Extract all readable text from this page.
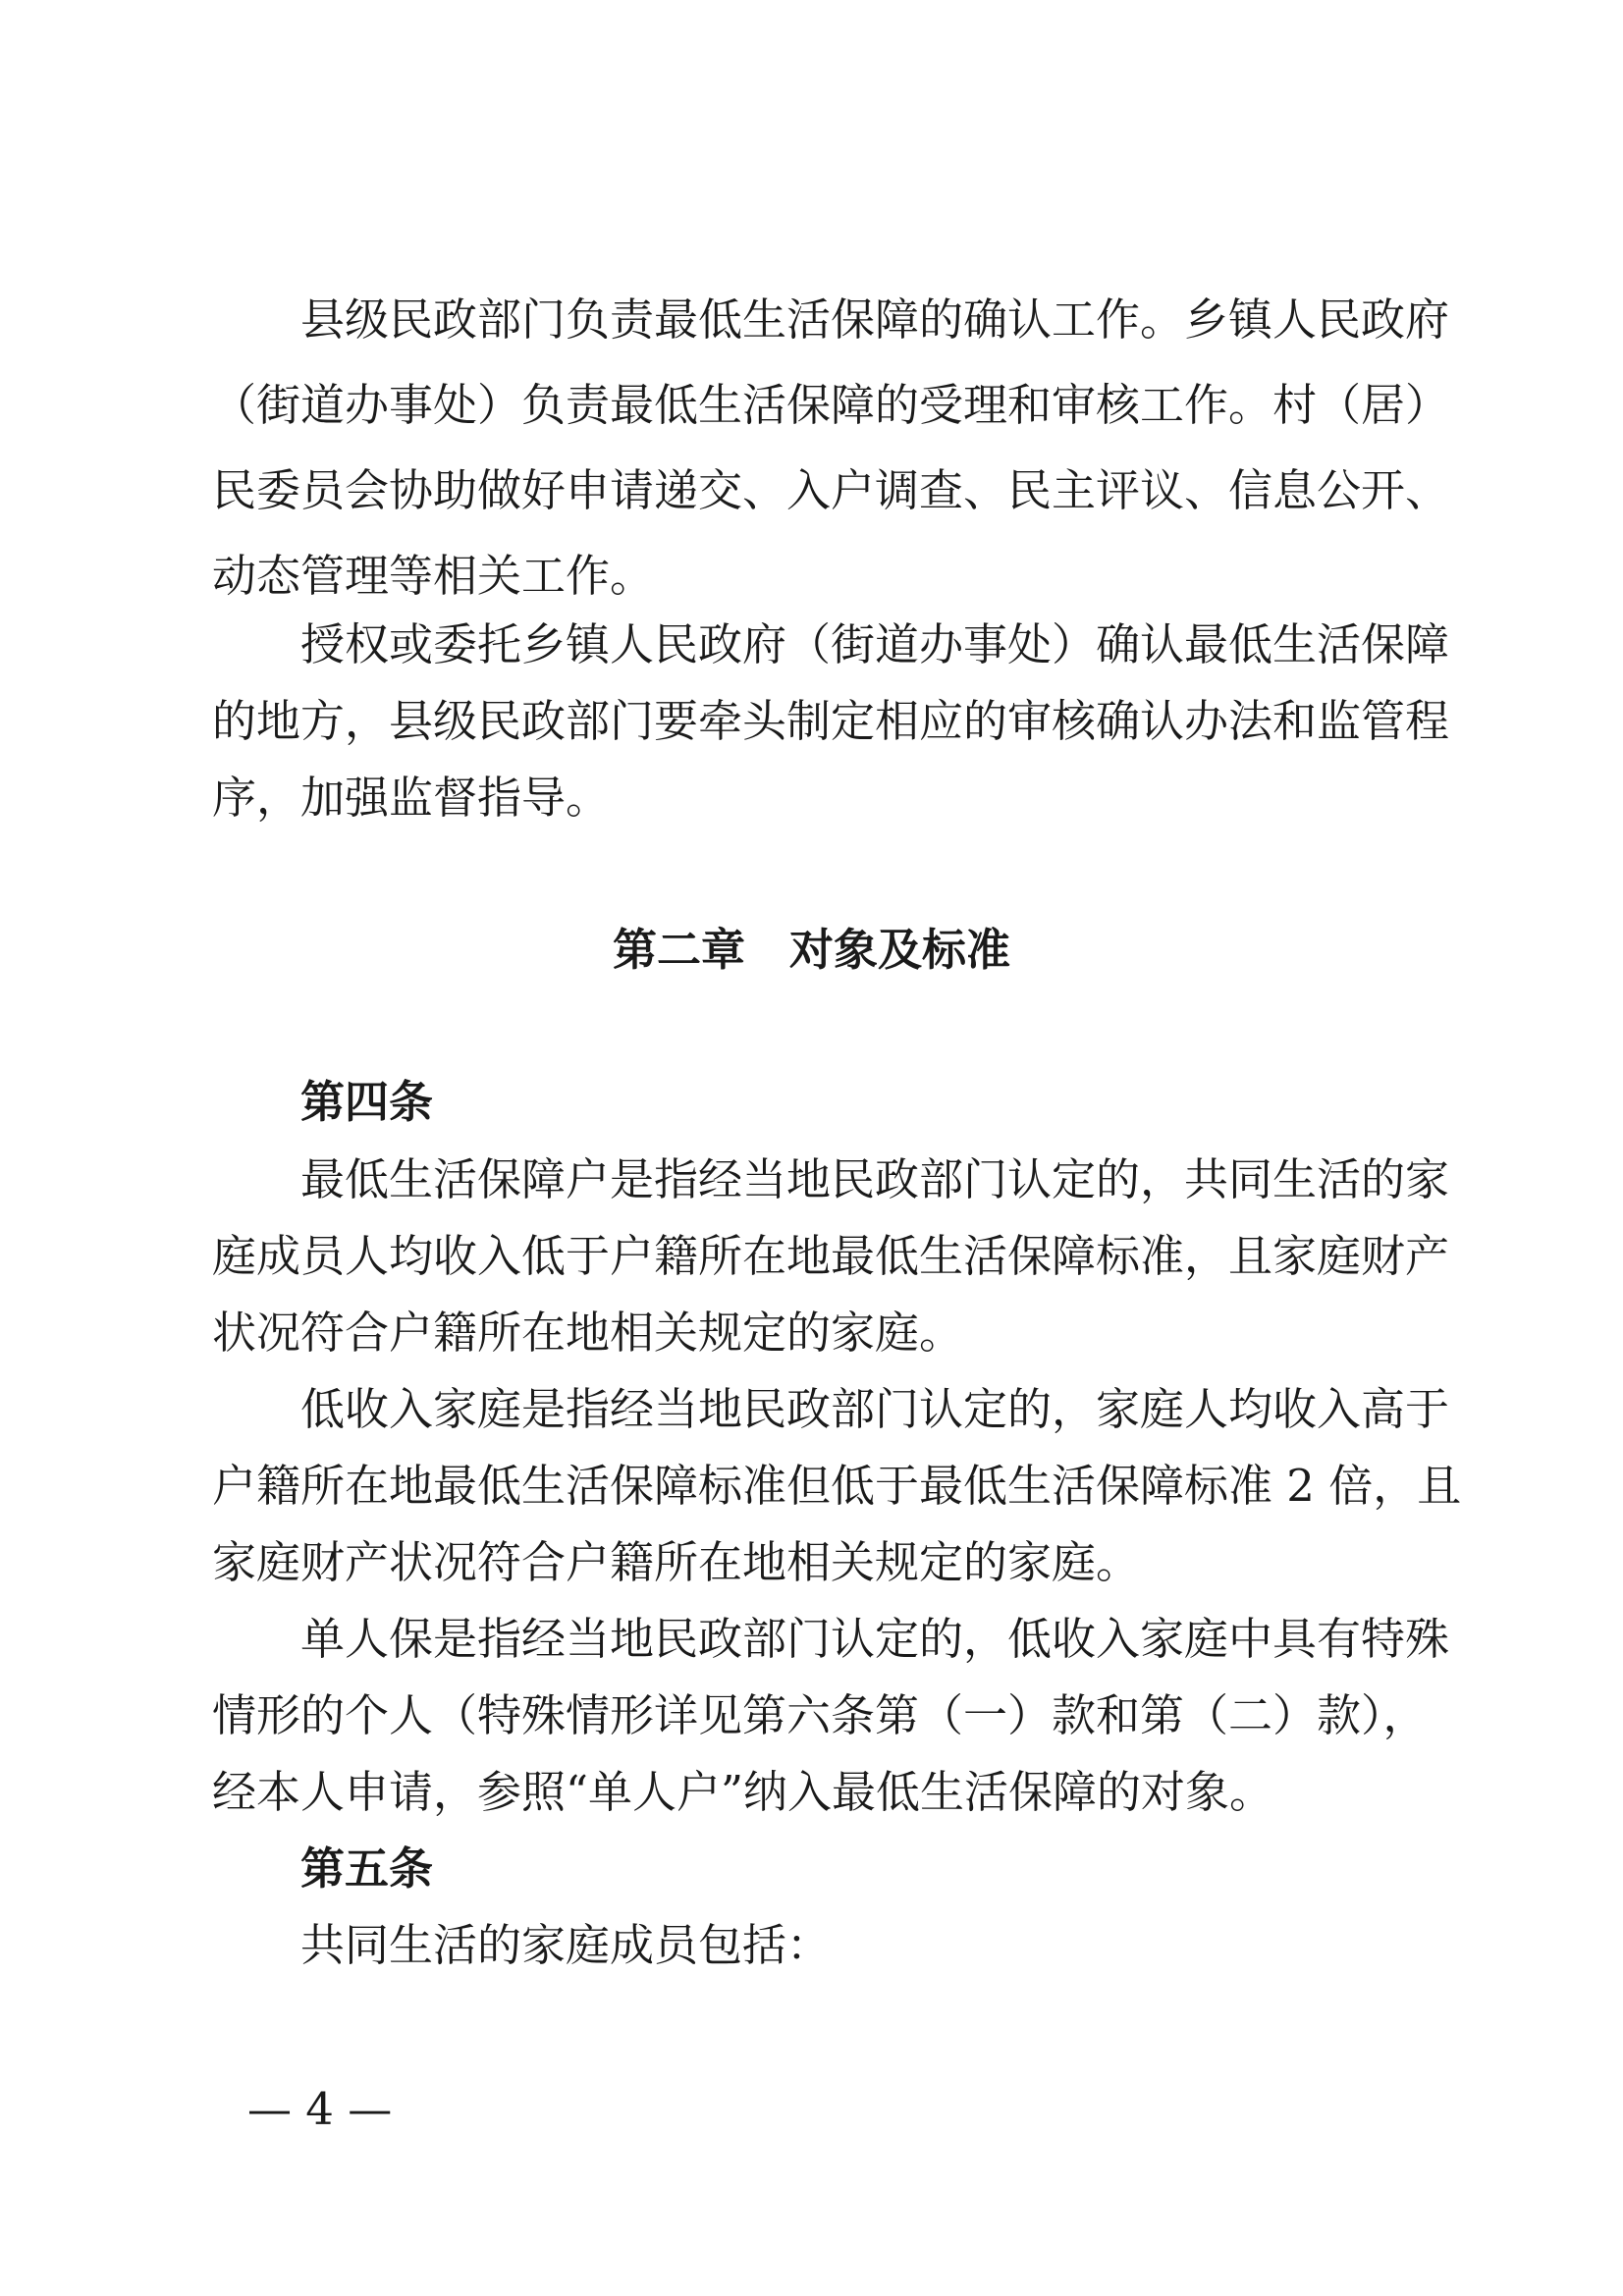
县级民政部门负责最低生活保障的确认工作。乡镇人民政府
（街道办事处）负责最低生活保障的受理和审核工作。村（居）
民委员会协助做好申请递交、入户调查、民主评议、信息公开、
动态管理等相关工作。
授权或委托乡镇人民政府（街道办事处）确认最低生活保障
的地方，县级民政部门要牵头制定相应的审核确认办法和监管程
序，加强监督指导。
第二章　对象及标准
第四条
最低生活保障户是指经当地民政部门认定的，共同生活的家
庭成员人均收入低于户籍所在地最低生活保障标准，且家庭财产
状况符合户籍所在地相关规定的家庭。
低收入家庭是指经当地民政部门认定的，家庭人均收入高于
户籍所在地最低生活保障标准但低于最低生活保障标准 2 倍，且
家庭财产状况符合户籍所在地相关规定的家庭。
单人保是指经当地民政部门认定的，低收入家庭中具有特殊
情形的个人（特殊情形详见第六条第（一）款和第（二）款），
经本人申请，参照“单人户”纳入最低生活保障的对象。
第五条
共同生活的家庭成员包括：
— 4 —
